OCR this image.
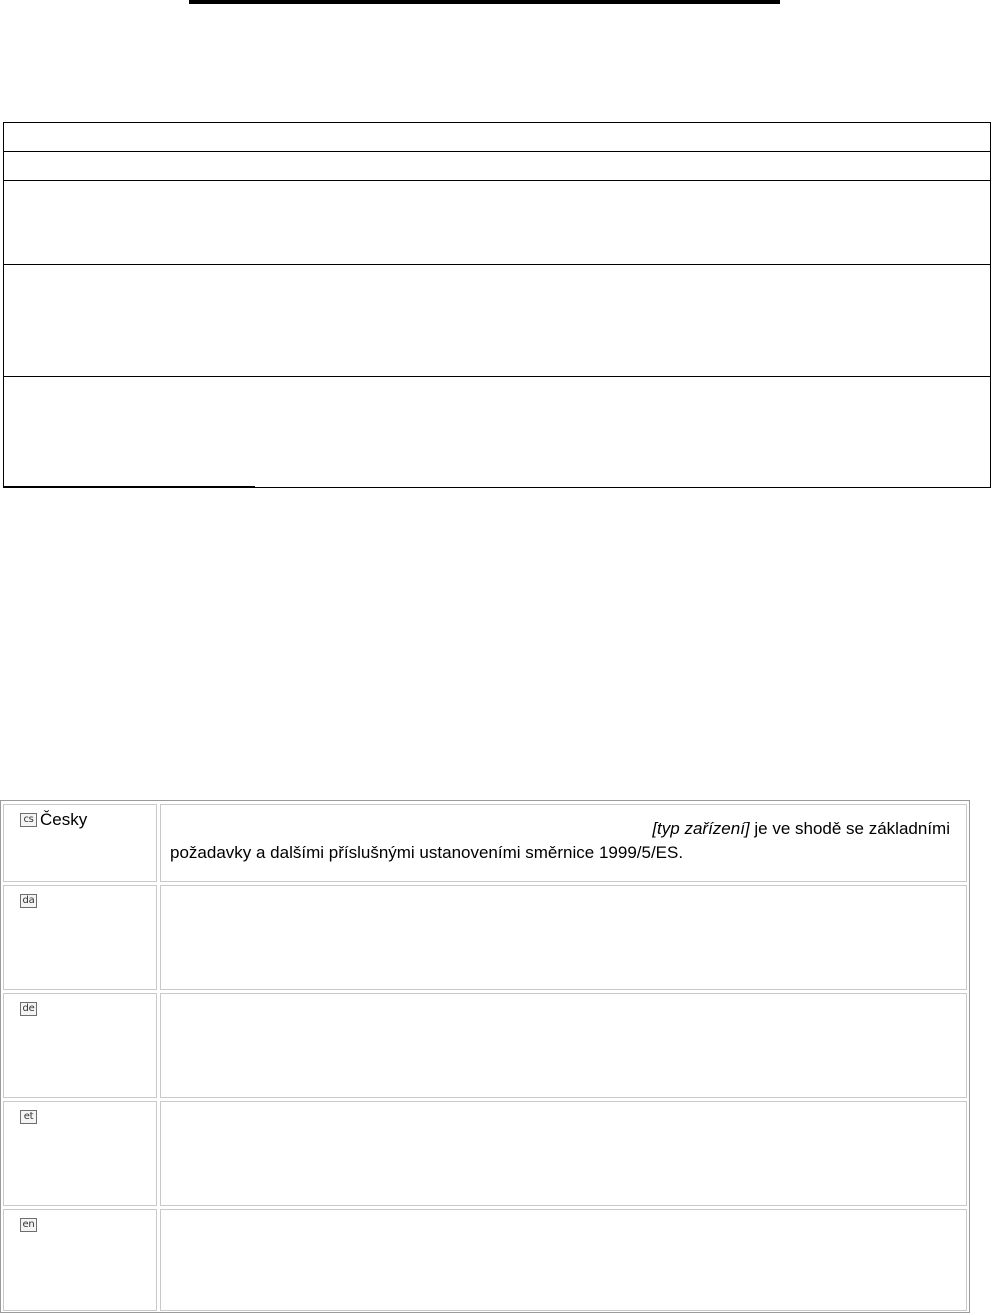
cs Česky	[typ zařízení] je ve shodě se základními
požadavky a dalšími příslušnými ustanoveními směrnice 1999/5/ES.
da
de
et
en
